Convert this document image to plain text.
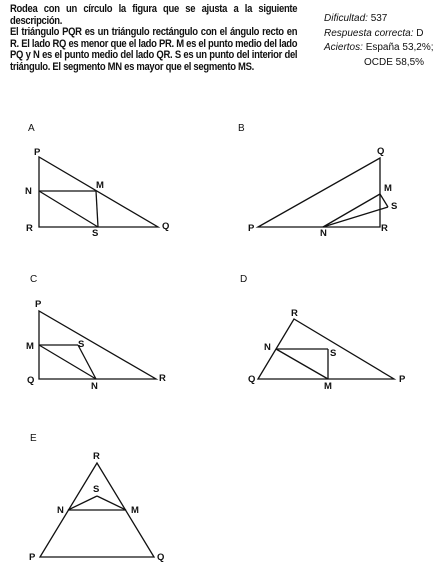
Rodea con un círculo la figura que se ajusta a la siguiente descripción.

El triángulo PQR es un triángulo rectángulo con el ángulo recto en R. El lado RQ es menor que el lado PR. M es el punto medio del lado PQ y N es el punto medio del lado QR. S es un punto del interior del triángulo. El segmento MN es mayor que el segmento MS.

Dificultad: 537
Respuesta correcta: D
Aciertos: España 53,2%;
OCDE 58,5%
A	B
C	D
E
P
N
M
R	S
Q
Q
M
S
P	N	R
P
M	S
Q
N
R
R
N
S
Q
M
P
R
S
N	M
P	Q
